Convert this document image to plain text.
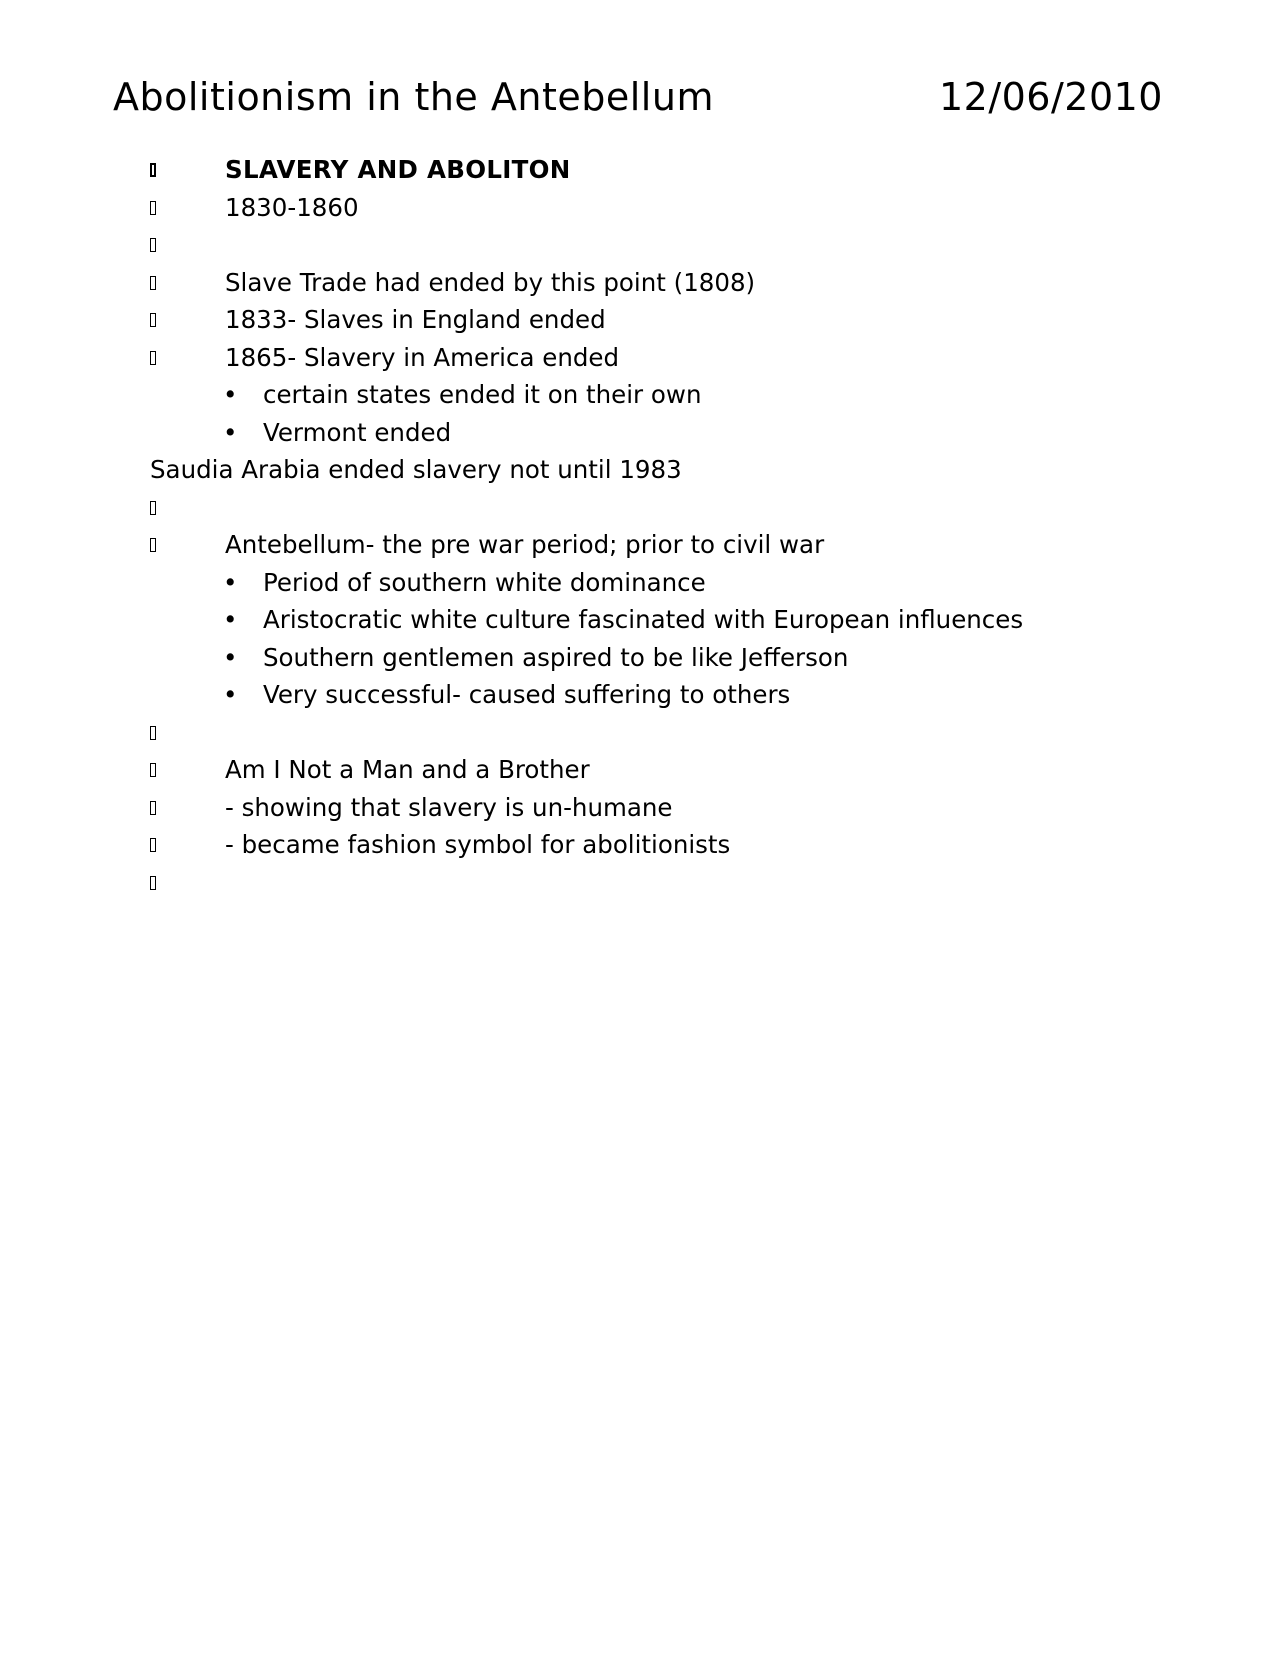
Abolitionism in the Antebellum	12/06/2010
SLAVERY AND ABOLITON
1830-1860
Slave Trade had ended by this point (1808)
1833- Slaves in England ended
1865- Slavery in America ended
• certain states ended it on their own
• Vermont ended
Saudia Arabia ended slavery not until 1983
Antebellum- the pre war period; prior to civil war
• Period of southern white dominance
• Aristocratic white culture fascinated with European influences
• Southern gentlemen aspired to be like Jefferson
• Very successful- caused suffering to others
Am I Not a Man and a Brother
- showing that slavery is un-humane
- became fashion symbol for abolitionists
